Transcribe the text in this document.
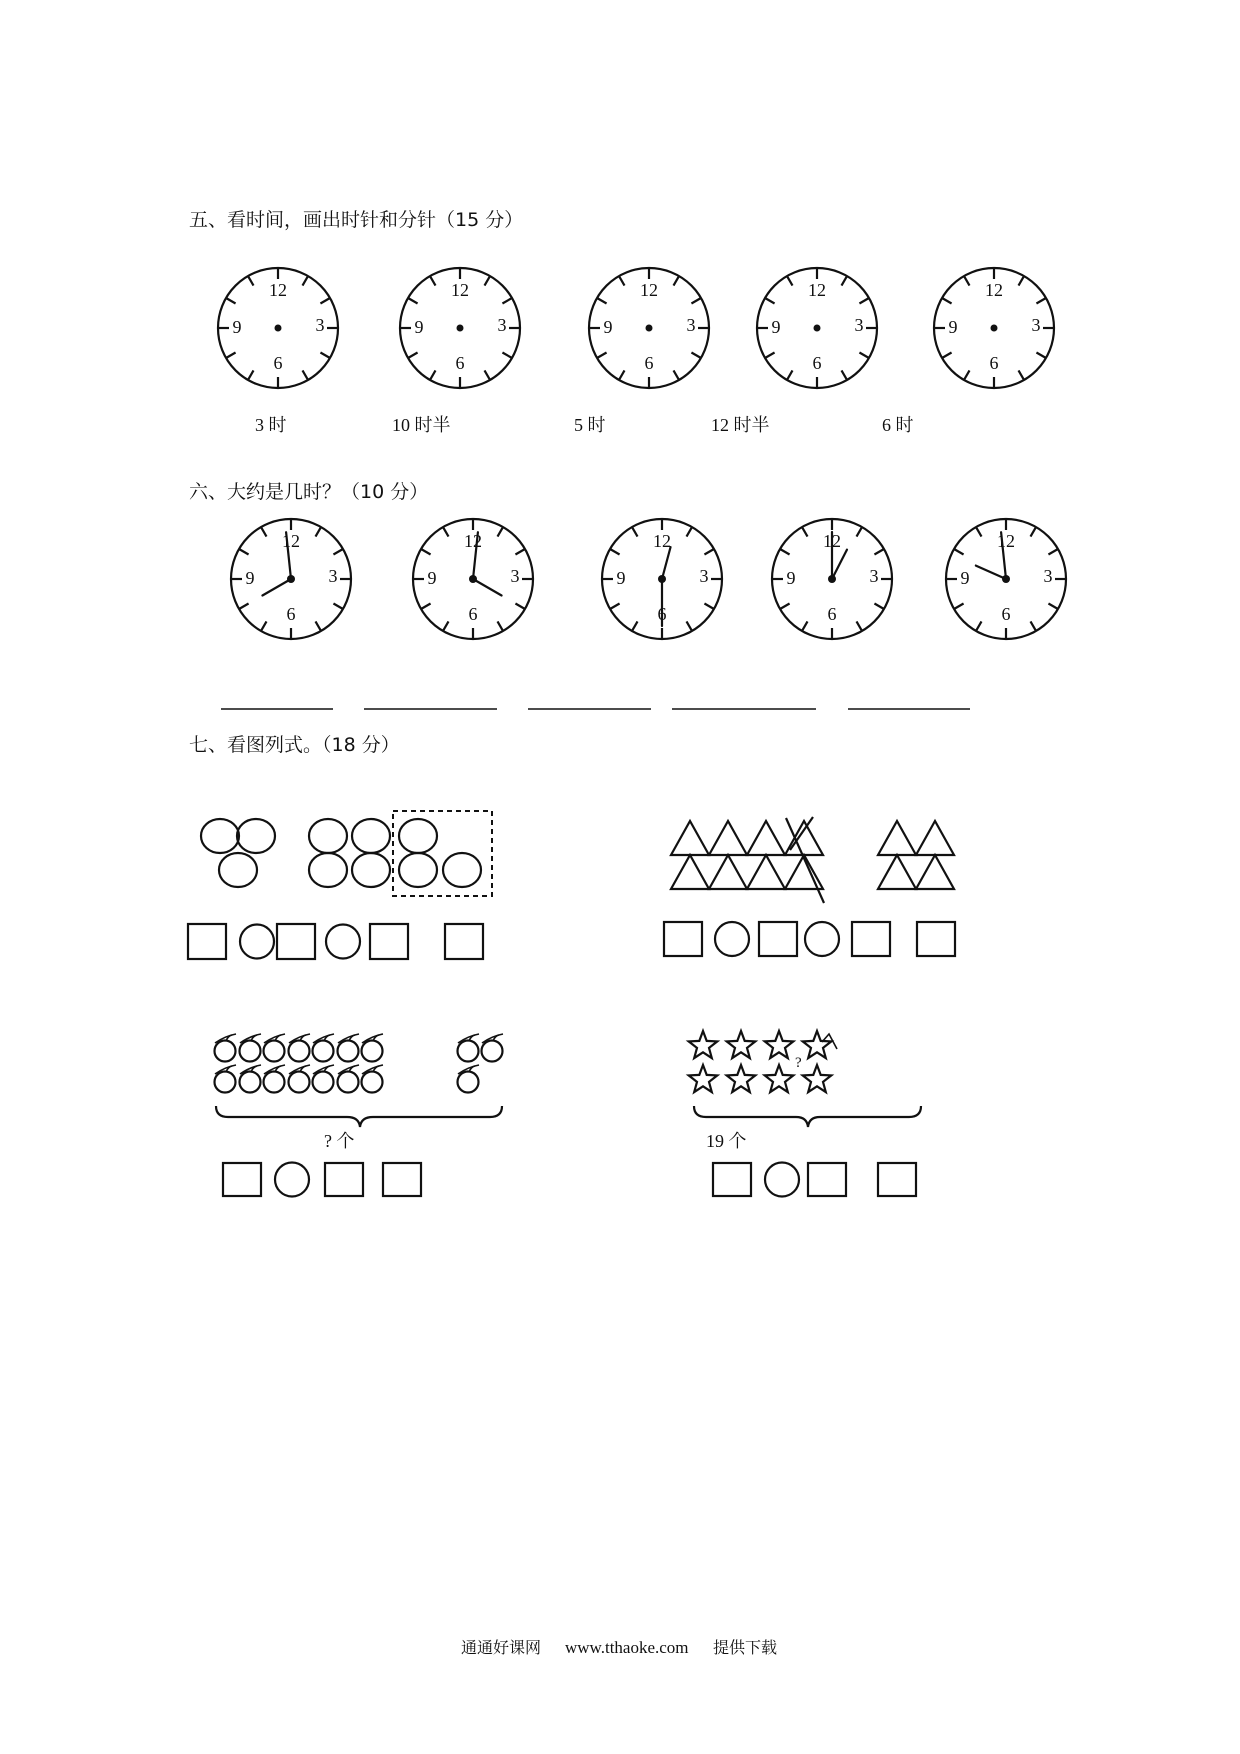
五、看时间，画出时针和分针（15 分）
12
3
6
9
12
3
6
9
12
3
6
9
12
3
6
9
12
3
6
9
3 时	10 时半	5 时	12 时半	6 时
六、大约是几时？（10 分）
12
3
6
9
12
3
6
9
12
3
6
9
12
3
6
9
12
3
6
9
七、看图列式。（18 分）
? 个
?
19 个
通通好课网 www.tthaoke.com 提供下载
